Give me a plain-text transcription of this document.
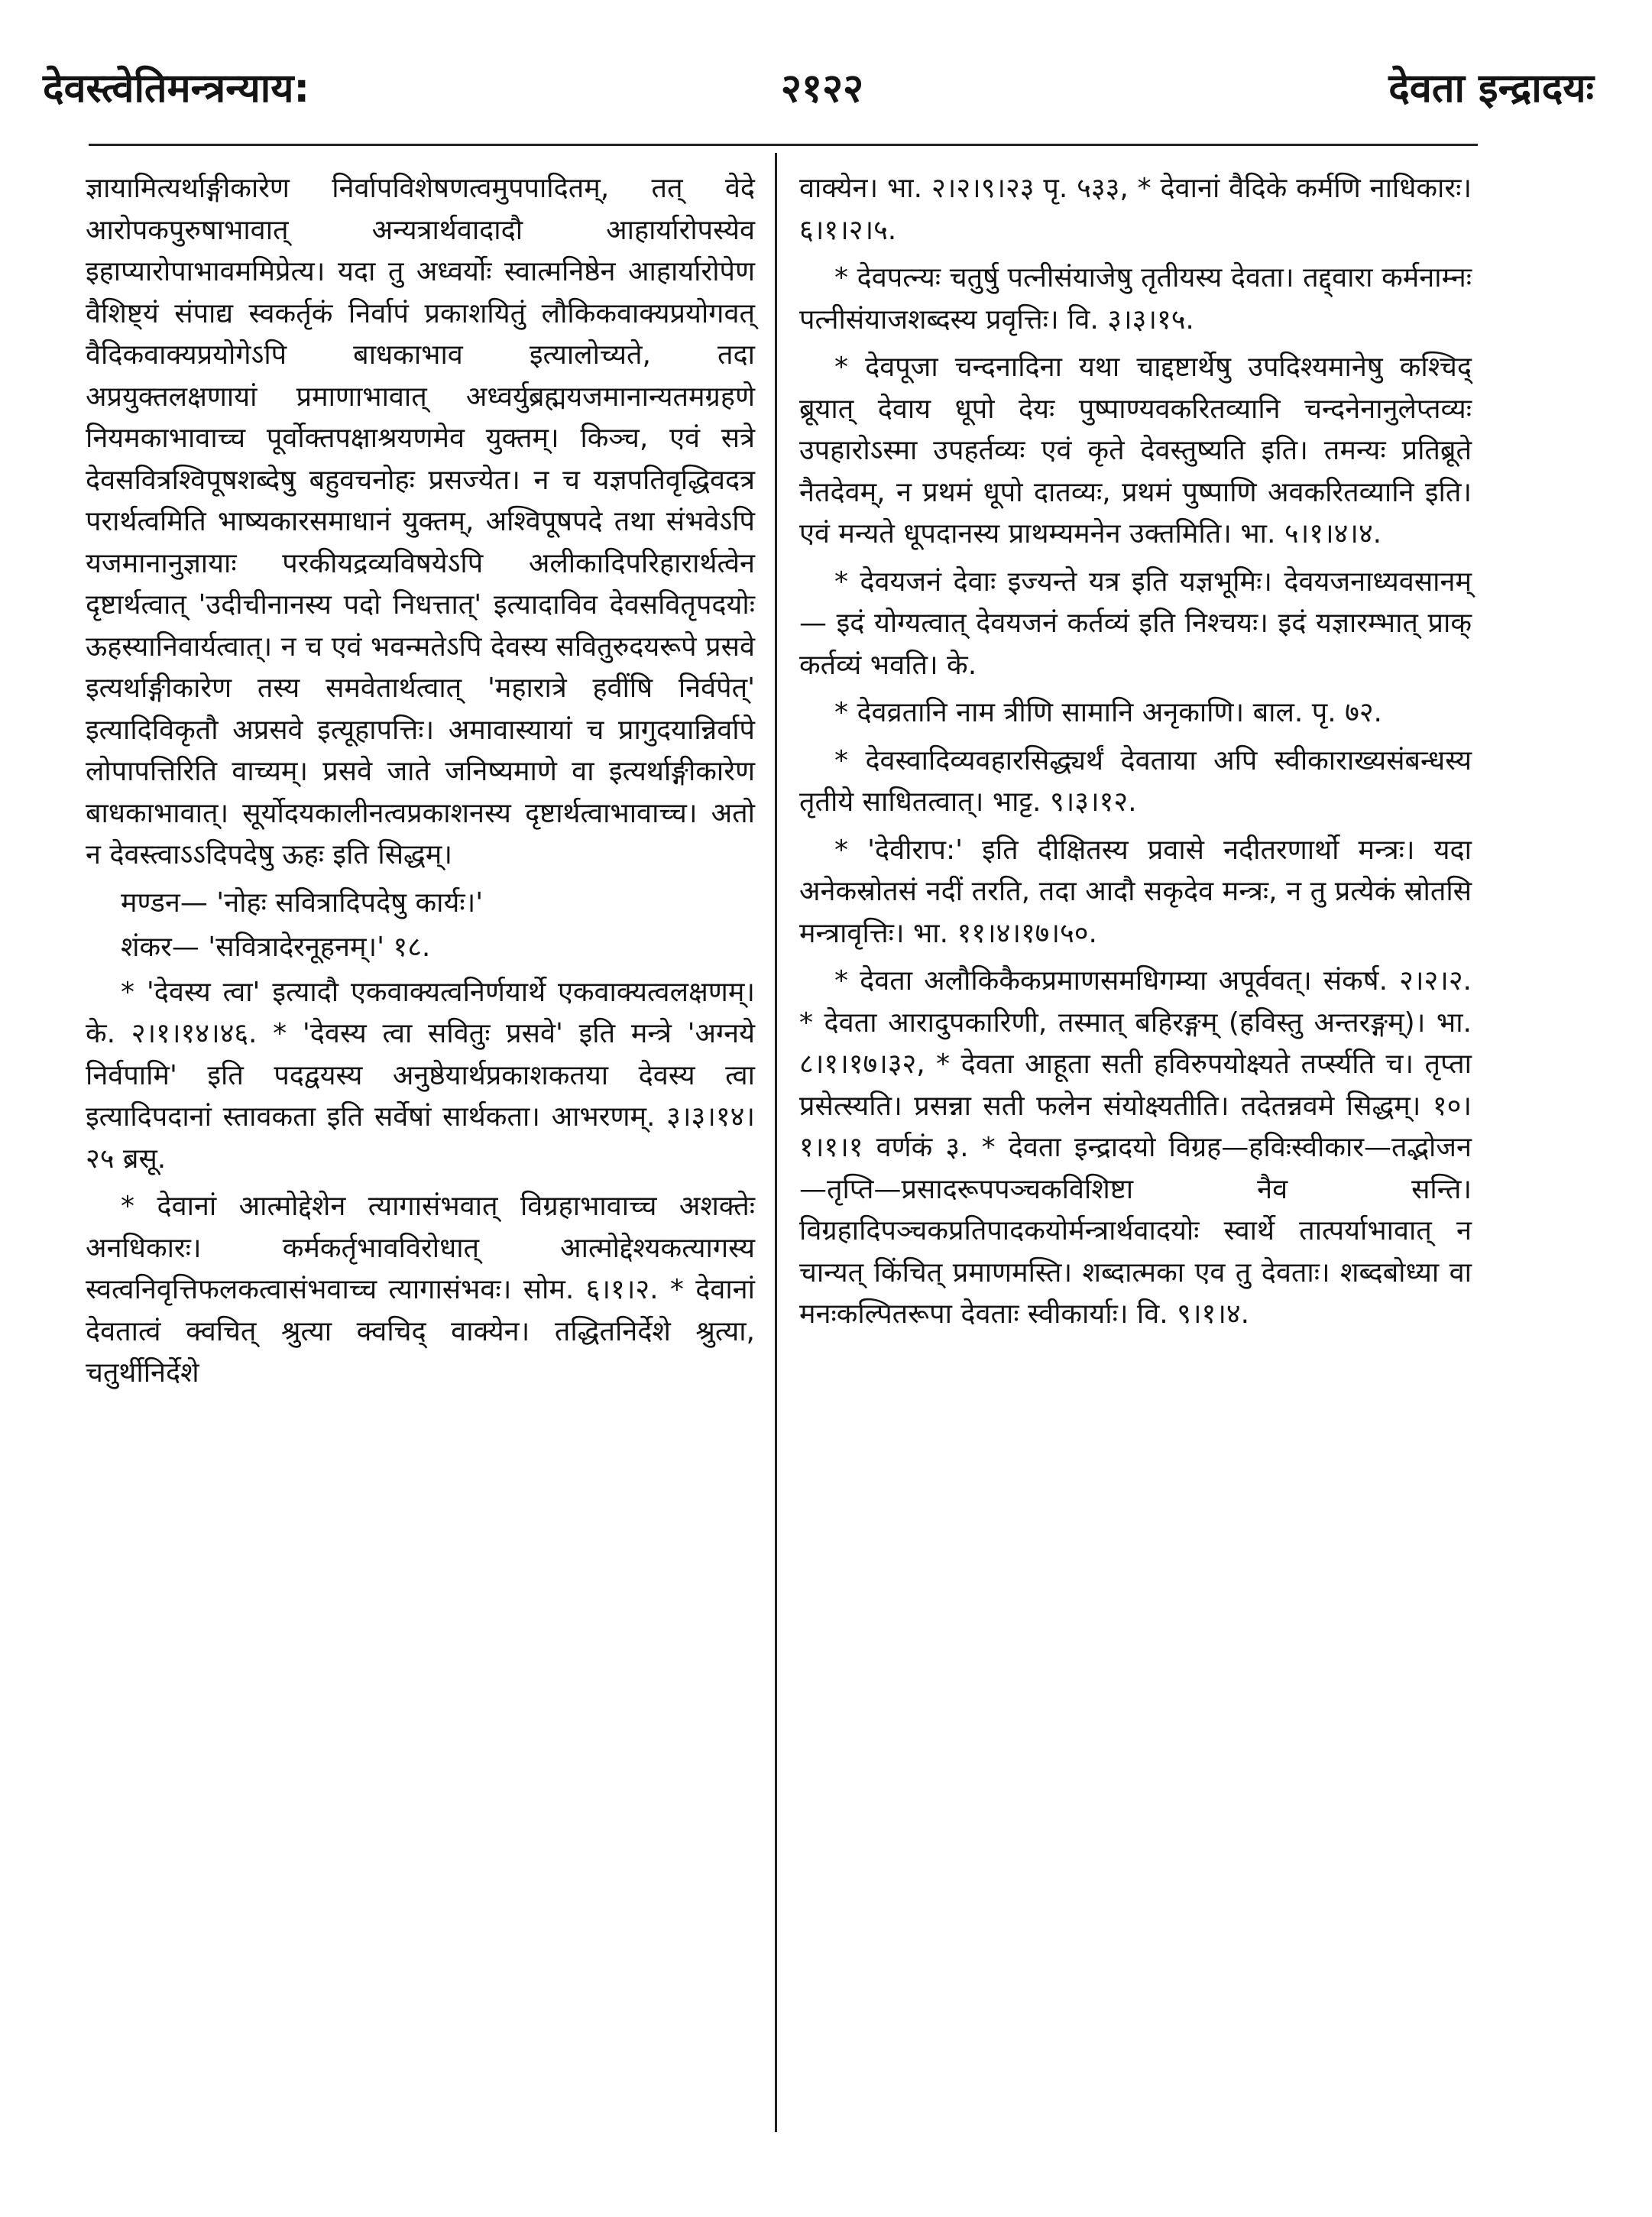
देवस्त्वेतिमन्त्रन्याय:	२१२२	देवता इन्द्रादयः

ज्ञायामित्यर्थाङ्गीकारेण निर्वापविशेषणत्वमुपपादितम्, तत् वेदे आरोपकपुरुषाभावात् अन्यत्रार्थवादादौ आहार्यारोपस्येव इहाप्यारोपाभावममिप्रेत्य। यदा तु अध्वर्योः स्वात्मनिष्ठेन आहार्यारोपेण वैशिष्ट्यं संपाद्य स्वकर्तृकं निर्वापं प्रकाशयितुं लौकिकवाक्यप्रयोगवत् वैदिकवाक्यप्रयोगेऽपि बाधकाभाव इत्यालोच्यते, तदा अप्रयुक्तलक्षणायां प्रमाणाभावात् अध्वर्युब्रह्मयजमानान्यतमग्रहणे नियमकाभावाच्च पूर्वोक्तपक्षाश्रयणमेव युक्तम्। किञ्च, एवं सत्रे देवसवित्रश्विपूषशब्देषु बहुवचनोहः प्रसज्येत। न च यज्ञपतिवृद्धिवदत्र परार्थत्वमिति भाष्यकारसमाधानं युक्तम्, अश्विपूषपदे तथा संभवेऽपि यजमानानुज्ञायाः परकीयद्रव्यविषयेऽपि अलीकादिपरिहारार्थत्वेन दृष्टार्थत्वात् 'उदीचीनानस्य पदो निधत्तात्' इत्यादाविव देवसवितृपदयोः ऊहस्यानिवार्यत्वात्। न च एवं भवन्मतेऽपि देवस्य सवितुरुदयरूपे प्रसवे इत्यर्थाङ्गीकारेण तस्य समवेतार्थत्वात् 'महारात्रे हवींषि निर्वपेत्' इत्यादिविकृतौ अप्रसवे इत्यूहापत्तिः। अमावास्यायां च प्रागुदयान्निर्वापे लोपापत्तिरिति वाच्यम्। प्रसवे जाते जनिष्यमाणे वा इत्यर्थाङ्गीकारेण बाधकाभावात्। सूर्योदयकालीनत्वप्रकाशनस्य दृष्टार्थत्वाभावाच्च। अतो न देवस्त्वाऽऽदिपदेषु ऊहः इति सिद्धम्।

मण्डन— 'नोहः सवित्रादिपदेषु कार्यः।'

शंकर— 'सवित्रादेरनूहनम्।' १८.

* 'देवस्य त्वा' इत्यादौ एकवाक्यत्वनिर्णयार्थे एकवाक्यत्वलक्षणम्। के. २।१।१४।४६. * 'देवस्य त्वा सवितुः प्रसवे' इति मन्त्रे 'अग्नये निर्वपामि' इति पदद्वयस्य अनुष्ठेयार्थप्रकाशकतया देवस्य त्वा इत्यादिपदानां स्तावकता इति सर्वेषां सार्थकता। आभरणम्. ३।३।१४। २५ ब्रसू.

* देवानां आत्मोद्देशेन त्यागासंभवात् विग्रहाभावाच्च अशक्तेः अनधिकारः। कर्मकर्तृभावविरोधात् आत्मोद्देश्यकत्यागस्य स्वत्वनिवृत्तिफलकत्वासंभवाच्च त्यागासंभवः। सोम. ६।१।२. * देवानां देवतात्वं क्वचित् श्रुत्या क्वचिद् वाक्येन। तद्धितनिर्देशे श्रुत्या, चतुर्थीनिर्देशे

वाक्येन। भा. २।२।९।२३ पृ. ५३३, * देवानां वैदिके कर्मणि नाधिकारः। ६।१।२।५.

* देवपत्न्यः चतुर्षु पत्नीसंयाजेषु तृतीयस्य देवता। तद्द्वारा कर्मनाम्नः पत्नीसंयाजशब्दस्य प्रवृत्तिः। वि. ३।३।१५.

* देवपूजा चन्दनादिना यथा चाद्दष्टार्थेषु उपदिश्यमानेषु कश्चिद् ब्रूयात् देवाय धूपो देयः पुष्पाण्यवकरितव्यानि चन्दनेनानुलेप्तव्यः उपहारोऽस्मा उपहर्तव्यः एवं कृते देवस्तुष्यति इति। तमन्यः प्रतिब्रूते नैतदेवम्, न प्रथमं धूपो दातव्यः, प्रथमं पुष्पाणि अवकरितव्यानि इति। एवं मन्यते धूपदानस्य प्राथम्यमनेन उक्तमिति। भा. ५।१।४।४.

* देवयजनं देवाः इज्यन्ते यत्र इति यज्ञभूमिः। देवयजनाध्यवसानम्— इदं योग्यत्वात् देवयजनं कर्तव्यं इति निश्चयः। इदं यज्ञारम्भात् प्राक् कर्तव्यं भवति। के.

* देवव्रतानि नाम त्रीणि सामानि अनृकाणि। बाल. पृ. ७२.

* देवस्वादिव्यवहारसिद्ध्यर्थं देवताया अपि स्वीकाराख्यसंबन्धस्य तृतीये साधितत्वात्। भाट्ट. ९।३।१२.

* 'देवीराप:' इति दीक्षितस्य प्रवासे नदीतरणार्थो मन्त्रः। यदा अनेकस्रोतसं नदीं तरति, तदा आदौ सकृदेव मन्त्रः, न तु प्रत्येकं स्रोतसि मन्त्रावृत्तिः। भा. ११।४।१७।५०.

* देवता अलौकिकैकप्रमाणसमधिगम्या अपूर्ववत्। संकर्ष. २।२।२. * देवता आरादुपकारिणी, तस्मात् बहिरङ्गम् (हविस्तु अन्तरङ्गम्)। भा. ८।१।१७।३२, * देवता आहूता सती हविरुपयोक्ष्यते तर्प्स्यति च। तृप्ता प्रसेत्स्यति। प्रसन्ना सती फलेन संयोक्ष्यतीति। तदेतन्नवमे सिद्धम्। १०।१।१।१ वर्णकं ३. * देवता इन्द्रादयो विग्रह—हविःस्वीकार—तद्भोजन—तृप्ति—प्रसादरूपपञ्चकविशिष्टा नैव सन्ति। विग्रहादिपञ्चकप्रतिपादकयोर्मन्त्रार्थवादयोः स्वार्थे तात्पर्याभावात् न चान्यत् किंचित् प्रमाणमस्ति। शब्दात्मका एव तु देवताः। शब्दबोध्या वा मनःकल्पितरूपा देवताः स्वीकार्याः। वि. ९।१।४.
